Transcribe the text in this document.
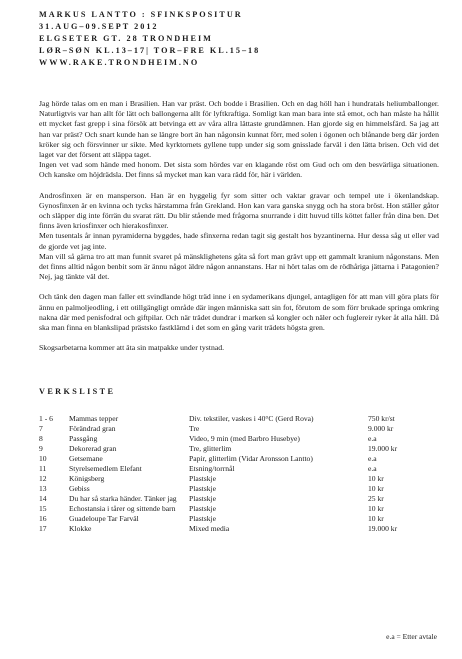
MARKUS LANTTO : SFINKSPOSITUR

31.AUG–09.SEPT 2012

ELGSETER GT. 28 TRONDHEIM

LØR–SØN KL.13–17| TOR–FRE KL.15–18

WWW.RAKE.TRONDHEIM.NO

Jag hörde talas om en man i Brasilien. Han var präst. Och bodde i Brasilien. Och en dag höll han i hundratals heliumballonger. Naturligtvis var han allt för lätt och ballongerna allt för lyftkraftiga. Somligt kan man bara inte stå emot, och han måste ha hållit ett mycket fast grepp i sina försök att betvinga ett av våra allra lättaste grundämnen. Han gjorde sig en himmelsfärd. Sa jag att han var präst? Och snart kunde han se längre bort än han någonsin kunnat förr, med solen i ögonen och blånande berg där jorden kröker sig och försvinner ur sikte. Med kyrktornets gyllene tupp under sig som gnisslade farväl i den lätta brisen. Och vid det laget var det försent att släppa taget.

Ingen vet vad som hände med honom. Det sista som hördes var en klagande röst om Gud och om den besvärliga situationen. Och kanske om höjdrädsla. Det finns så mycket man kan vara rädd för, här i världen.

Androsfinxen är en mansperson. Han är en hyggelig fyr som sitter och vaktar gravar och tempel ute i ökenlandskap. Gynosfinxen är en kvinna och tycks härstamma från Grekland. Hon kan vara ganska snygg och ha stora bröst. Hon ställer gåtor och släpper dig inte förrän du svarat rätt. Du blir stående med frågorna snurrande i ditt huvud tills köttet faller från dina ben. Det finns även kriosfinxer och hierakosfinxer.

Men tusentals år innan pyramiderna byggdes, hade sfinxerna redan tagit sig gestalt hos byzantinerna. Hur dessa såg ut eller vad de gjorde vet jag inte.

Man vill så gärna tro att man funnit svaret på mänsklighetens gåta så fort man grävt upp ett gammalt kranium någonstans. Men det finns alltid någon benbit som är ännu något äldre någon annanstans. Har ni hört talas om de rödhåriga jättarna i Patagonien? Nej, jag tänkte väl det.

Och tänk den dagen man faller ett svindlande högt träd inne i en sydamerikans djungel, antagligen för att man vill göra plats för ännu en palmoljeodling, i ett otillgängligt område där ingen människa satt sin fot, förutom de som förr brukade springa omkring nakna där med penisfodral och giftpilar. Och när trädet dundrar i marken så kongler och näler och fuglereir ryker åt alla håll. Då ska man finna en blankslipad prästsko fastklämd i det som en gång varit trädets högsta gren.

Skogsarbetarna kommer att äta sin matpakke under tystnad.

VERKSLISTE
1 - 6	Mammas tepper	Div. tekstiler, vaskes i 40°C (Gerd Rova)	750 kr/st
7	Förändrad gran	Tre	9.000 kr
8	Passgång	Video, 9 min (med Barbro Husebye)	e.a
9	Dekorerad gran	Tre, glitterlim	19.000 kr
10	Getsemane	Papir, glitterlim (Vidar Aronsson Lantto)	e.a
11	Styrelsemedlem Elefant	Etsning/torrnål	e.a
12	Königsberg	Plastskje	10 kr
13	Gebiss	Plastskje	10 kr
14	Du har så starka händer. Tänker jag	Plastskje	25 kr
15	Echostansia i tårer og sittende barn	Plastskje	10 kr
16	Guadeloupe Tar Farväl	Plastskje	10 kr
17	Klokke	Mixed media	19.000 kr
e.a = Etter avtale
